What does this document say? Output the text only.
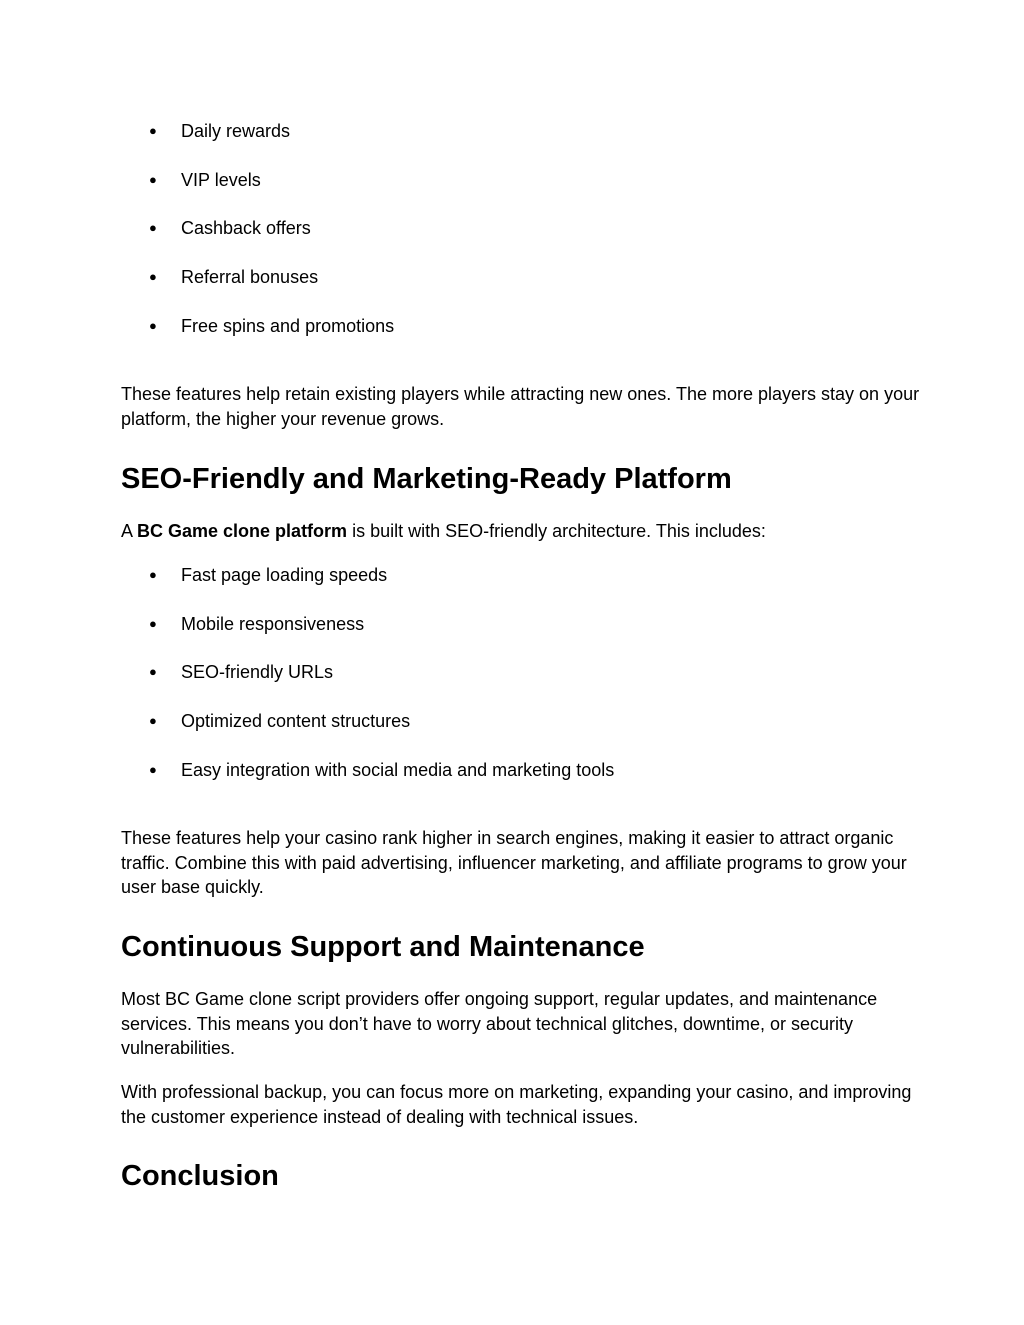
● Daily rewards
● VIP levels
● Cashback offers
● Referral bonuses
● Free spins and promotions

These features help retain existing players while attracting new ones. The more players stay on your platform, the higher your revenue grows.

SEO-Friendly and Marketing-Ready Platform

A BC Game clone platform is built with SEO-friendly architecture. This includes:

● Fast page loading speeds
● Mobile responsiveness
● SEO-friendly URLs
● Optimized content structures
● Easy integration with social media and marketing tools

These features help your casino rank higher in search engines, making it easier to attract organic traffic. Combine this with paid advertising, influencer marketing, and affiliate programs to grow your user base quickly.

Continuous Support and Maintenance

Most BC Game clone script providers offer ongoing support, regular updates, and maintenance services. This means you don’t have to worry about technical glitches, downtime, or security vulnerabilities.

With professional backup, you can focus more on marketing, expanding your casino, and improving the customer experience instead of dealing with technical issues.

Conclusion
